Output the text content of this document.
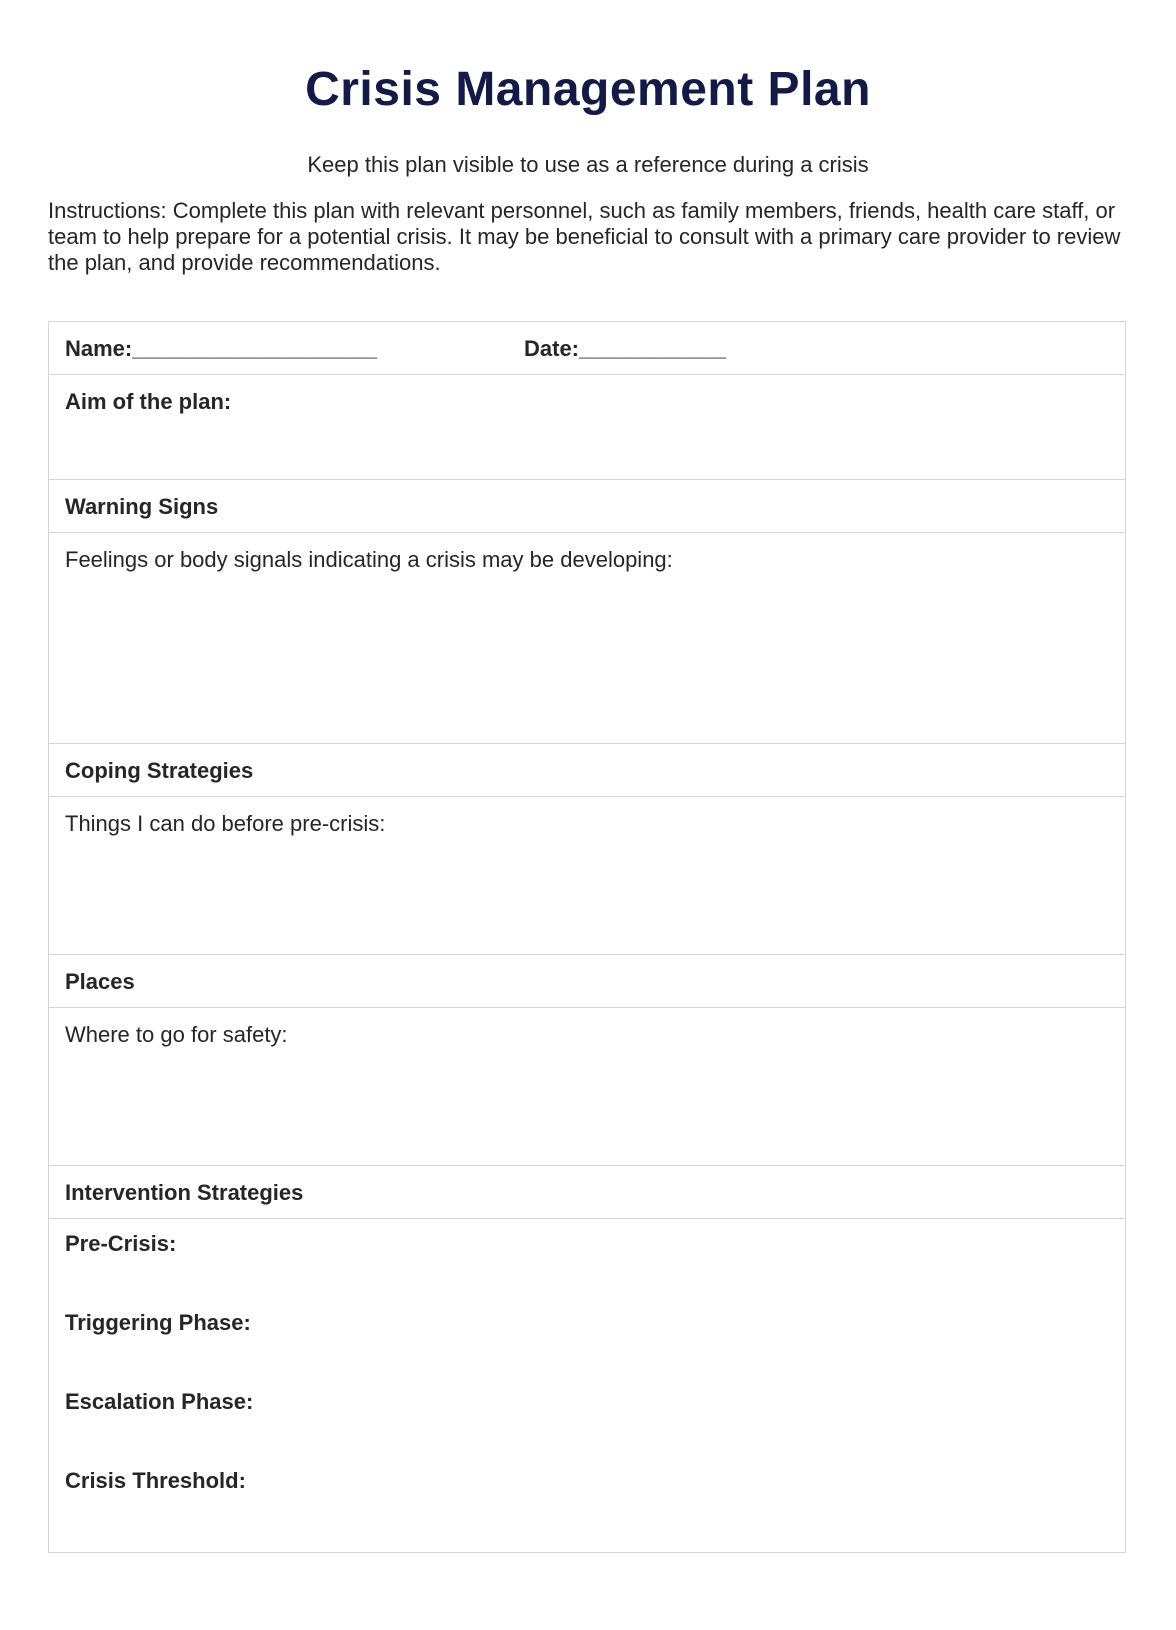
Crisis Management Plan

Keep this plan visible to use as a reference during a crisis

Instructions: Complete this plan with relevant personnel, such as family members, friends, health care staff, or team to help prepare for a potential crisis. It may be beneficial to consult with a primary care provider to review the plan, and provide recommendations.

Name:____________________	Date:____________
Aim of the plan:
Warning Signs
Feelings or body signals indicating a crisis may be developing:
Coping Strategies
Things I can do before pre-crisis:
Places
Where to go for safety:
Intervention Strategies
Pre-Crisis:
Triggering Phase:
Escalation Phase:
Crisis Threshold:
